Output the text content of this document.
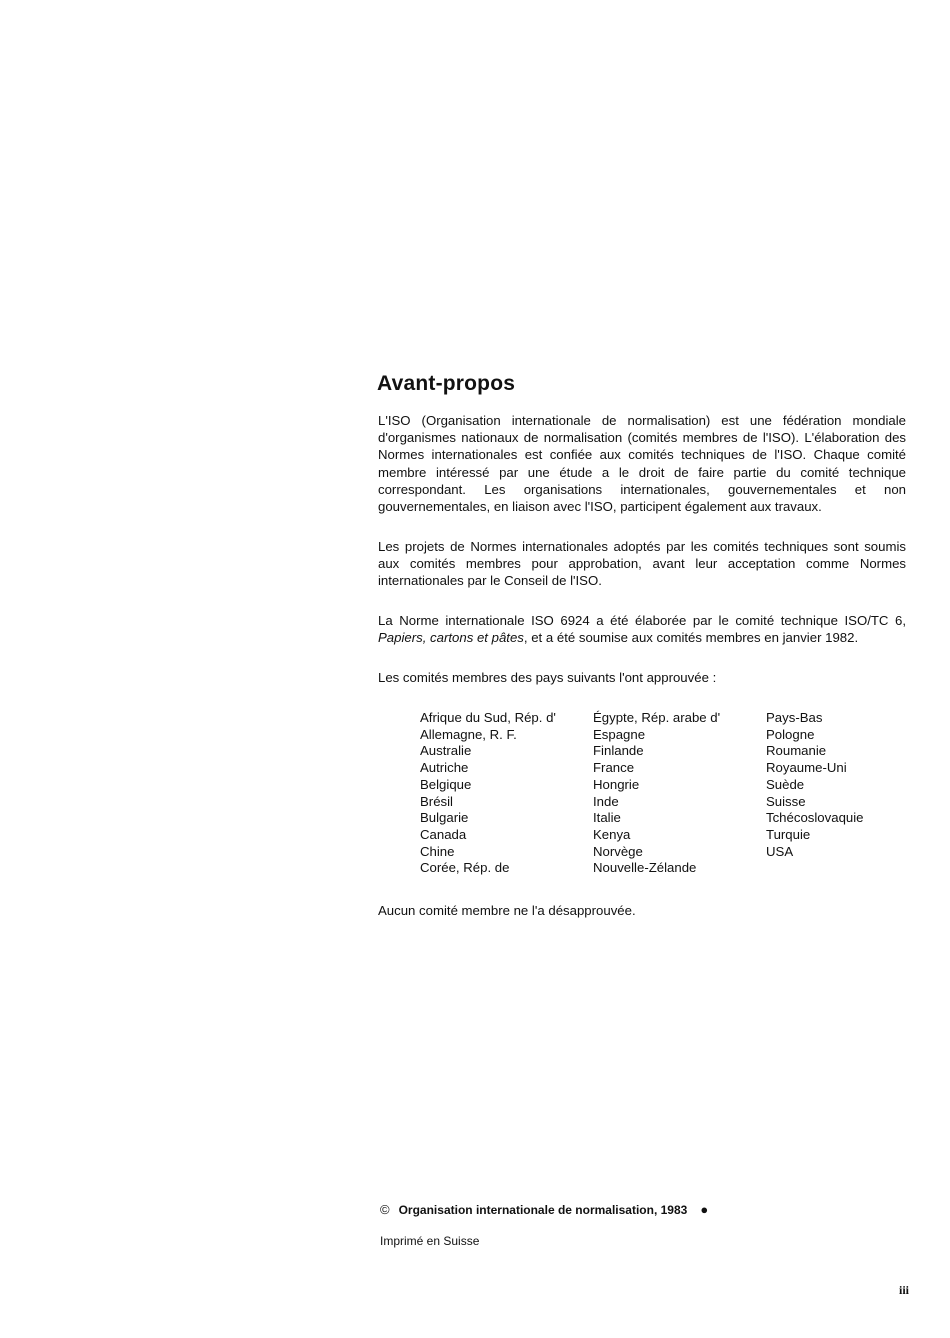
Avant-propos

L'ISO (Organisation internationale de normalisation) est une fédération mondiale d'organismes nationaux de normalisation (comités membres de l'ISO). L'élaboration des Normes internationales est confiée aux comités techniques de l'ISO. Chaque comité membre intéressé par une étude a le droit de faire partie du comité technique correspondant. Les organisations internationales, gouvernementales et non gouvernementales, en liaison avec l'ISO, participent également aux travaux.

Les projets de Normes internationales adoptés par les comités techniques sont soumis aux comités membres pour approbation, avant leur acceptation comme Normes internationales par le Conseil de l'ISO.

La Norme internationale ISO 6924 a été élaborée par le comité technique ISO/TC 6, Papiers, cartons et pâtes, et a été soumise aux comités membres en janvier 1982.

Les comités membres des pays suivants l'ont approuvée :

Afrique du Sud, Rép. d'
Allemagne, R. F.
Australie
Autriche
Belgique
Brésil
Bulgarie
Canada
Chine
Corée, Rép. de
Égypte, Rép. arabe d'
Espagne
Finlande
France
Hongrie
Inde
Italie
Kenya
Norvège
Nouvelle-Zélande
Pays-Bas
Pologne
Roumanie
Royaume-Uni
Suède
Suisse
Tchécoslovaquie
Turquie
USA

Aucun comité membre ne l'a désapprouvée.

© Organisation internationale de normalisation, 1983 ●
Imprimé en Suisse
iii
